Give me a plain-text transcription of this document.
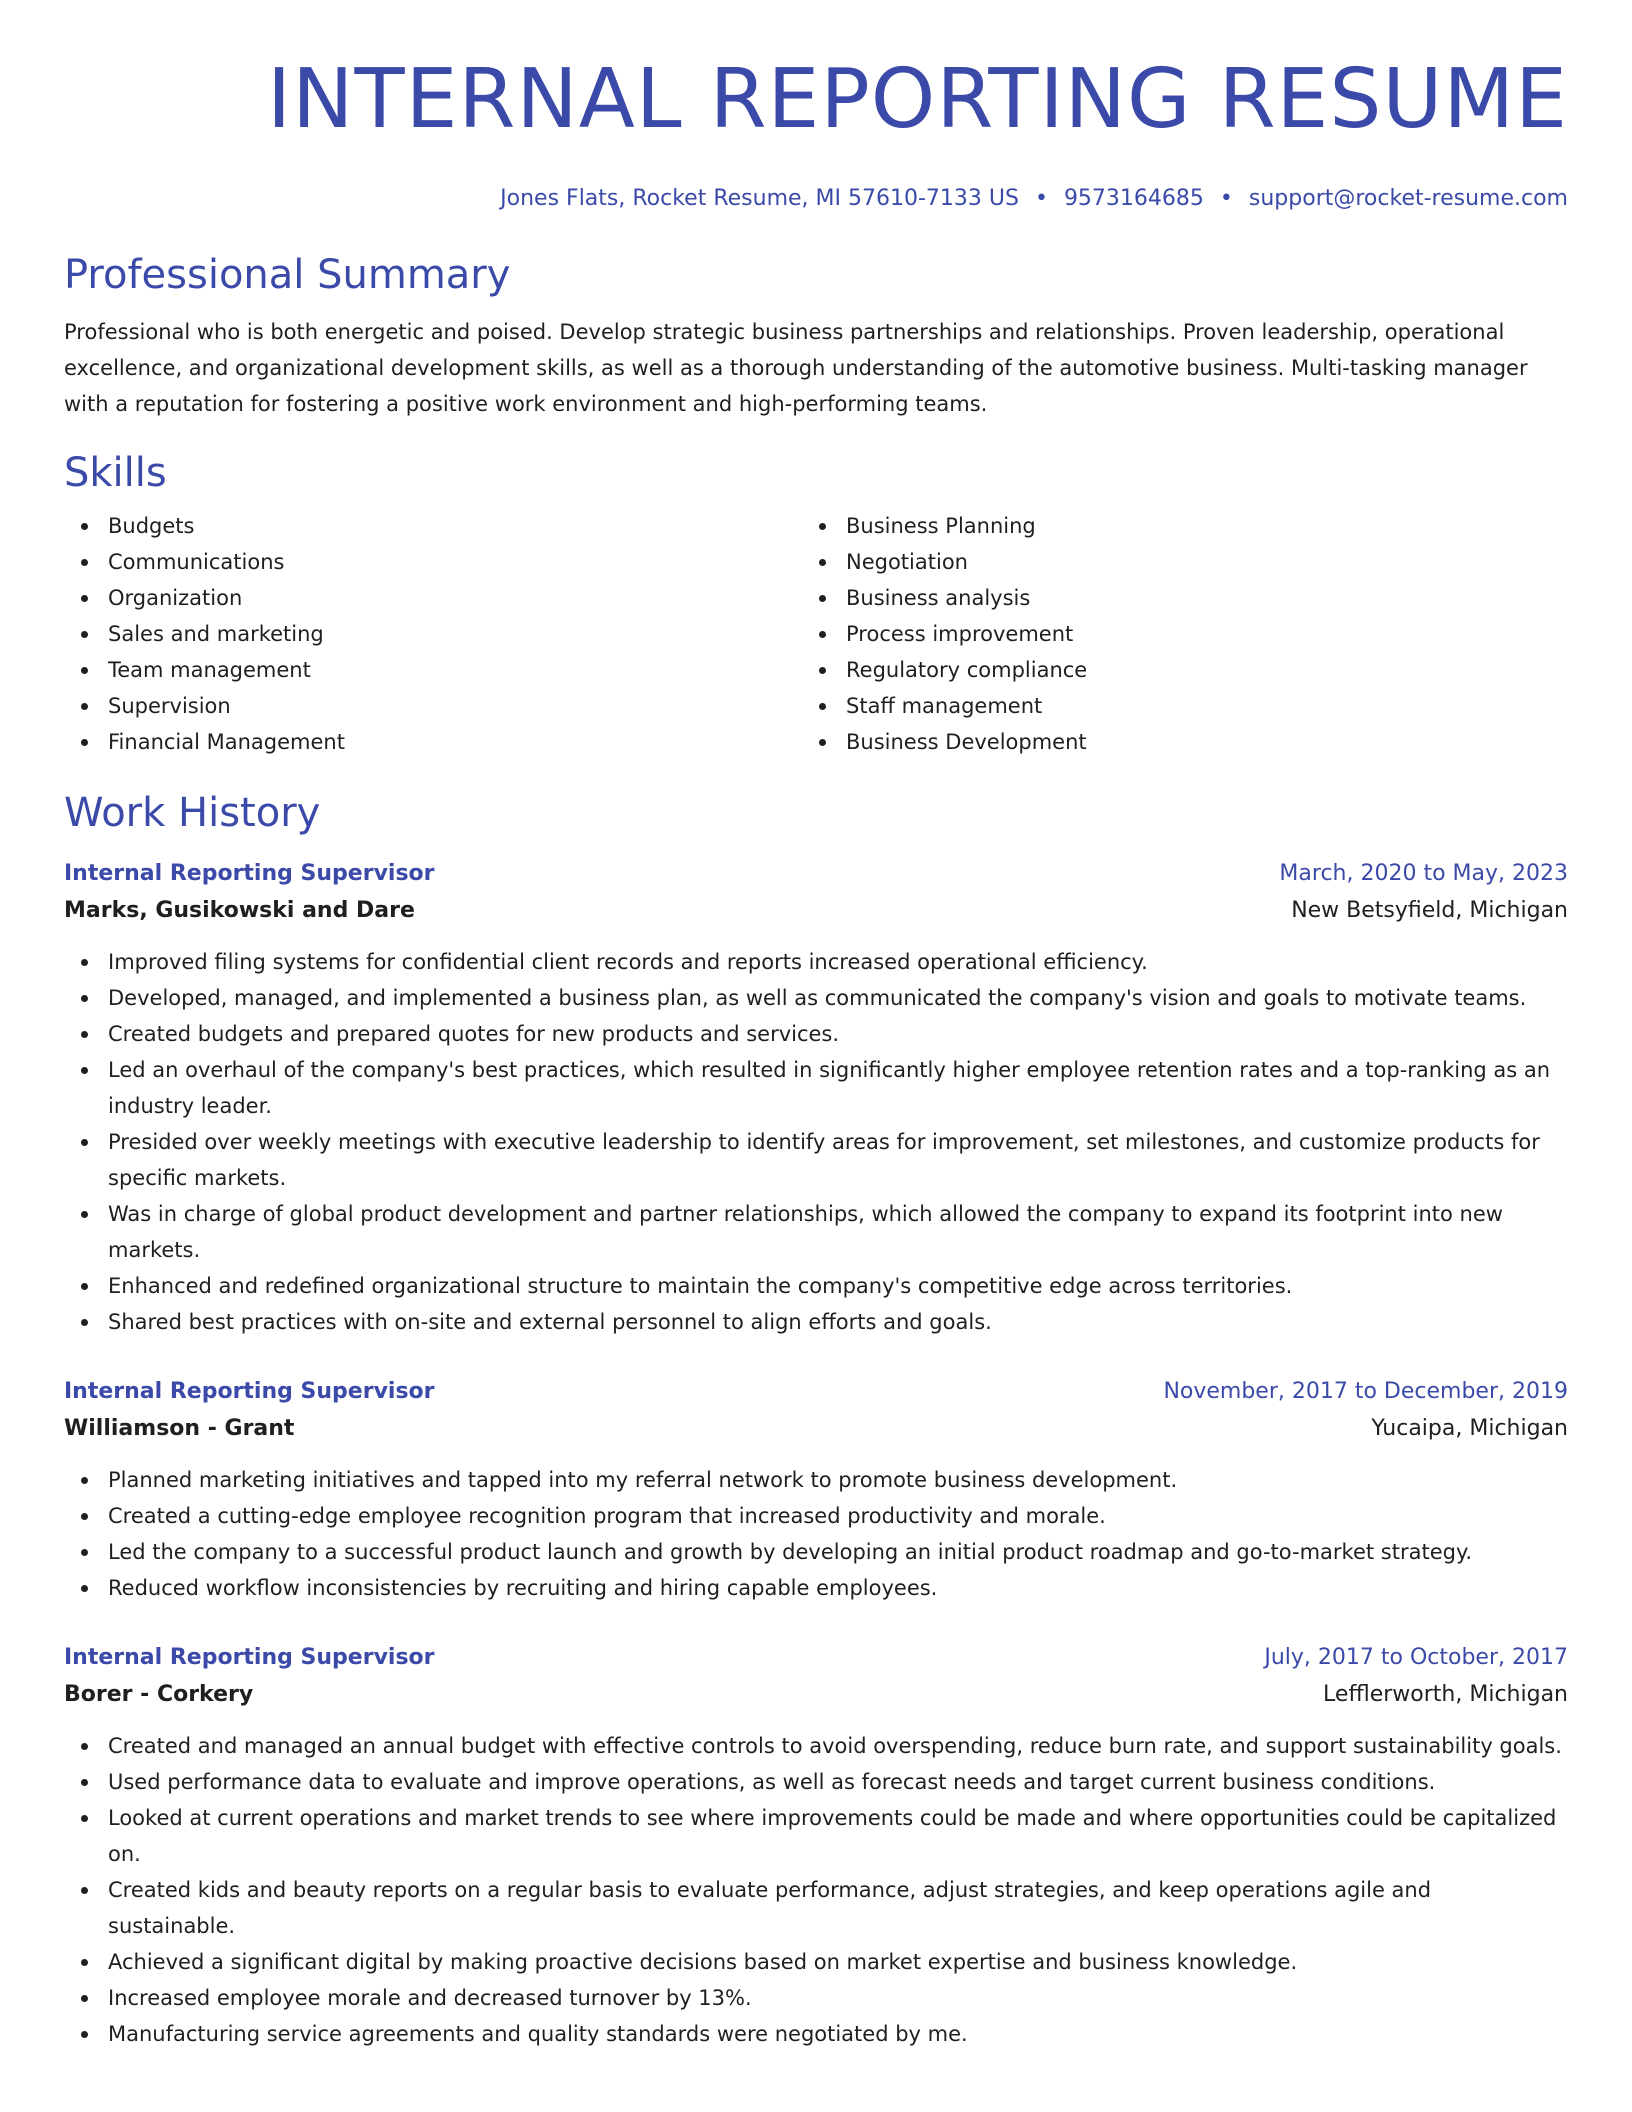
INTERNAL REPORTING RESUME
Jones Flats, Rocket Resume, MI 57610-7133 US • 9573164685 • support@rocket-resume.com
Professional Summary
Professional who is both energetic and poised. Develop strategic business partnerships and relationships. Proven leadership, operational excellence, and organizational development skills, as well as a thorough understanding of the automotive business. Multi-tasking manager with a reputation for fostering a positive work environment and high-performing teams.
Skills
Budgets
Communications
Organization
Sales and marketing
Team management
Supervision
Financial Management
Business Planning
Negotiation
Business analysis
Process improvement
Regulatory compliance
Staff management
Business Development
Work History
Internal Reporting Supervisor	March, 2020 to May, 2023
Marks, Gusikowski and Dare	New Betsyfield, Michigan
Improved filing systems for confidential client records and reports increased operational efficiency.
Developed, managed, and implemented a business plan, as well as communicated the company's vision and goals to motivate teams.
Created budgets and prepared quotes for new products and services.
Led an overhaul of the company's best practices, which resulted in significantly higher employee retention rates and a top-ranking as an industry leader.
Presided over weekly meetings with executive leadership to identify areas for improvement, set milestones, and customize products for specific markets.
Was in charge of global product development and partner relationships, which allowed the company to expand its footprint into new markets.
Enhanced and redefined organizational structure to maintain the company's competitive edge across territories.
Shared best practices with on-site and external personnel to align efforts and goals.
Internal Reporting Supervisor	November, 2017 to December, 2019
Williamson - Grant	Yucaipa, Michigan
Planned marketing initiatives and tapped into my referral network to promote business development.
Created a cutting-edge employee recognition program that increased productivity and morale.
Led the company to a successful product launch and growth by developing an initial product roadmap and go-to-market strategy.
Reduced workflow inconsistencies by recruiting and hiring capable employees.
Internal Reporting Supervisor	July, 2017 to October, 2017
Borer - Corkery	Lefflerworth, Michigan
Created and managed an annual budget with effective controls to avoid overspending, reduce burn rate, and support sustainability goals.
Used performance data to evaluate and improve operations, as well as forecast needs and target current business conditions.
Looked at current operations and market trends to see where improvements could be made and where opportunities could be capitalized on.
Created kids and beauty reports on a regular basis to evaluate performance, adjust strategies, and keep operations agile and sustainable.
Achieved a significant digital by making proactive decisions based on market expertise and business knowledge.
Increased employee morale and decreased turnover by 13%.
Manufacturing service agreements and quality standards were negotiated by me.
